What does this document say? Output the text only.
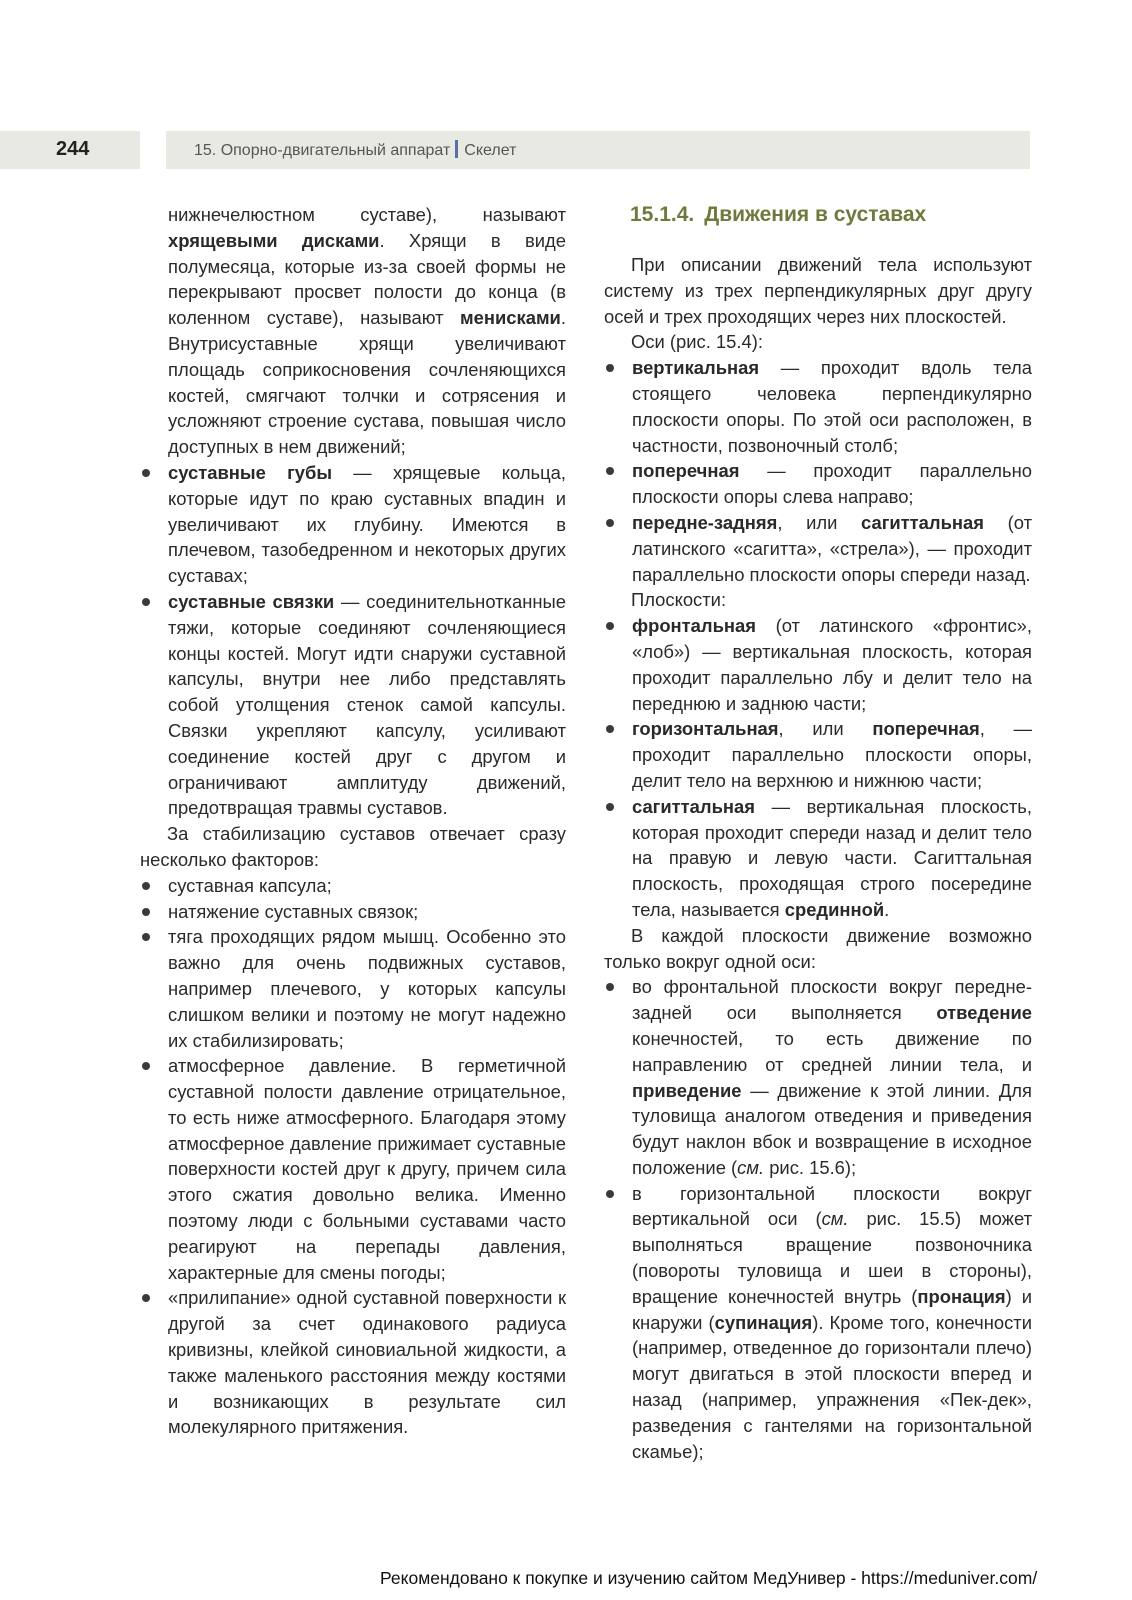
244	15. Опорно-двигательный аппарат Скелет

нижнечелюстном суставе), называют хрящевыми дисками. Хрящи в виде полумесяца, которые из-за своей формы не перекрывают просвет полости до конца (в коленном суставе), называют менисками. Внутрисуставные хрящи увеличивают площадь соприкосновения сочленяющихся костей, смягчают толчки и сотрясения и усложняют строение сустава, повышая число доступных в нем движений;

суставные губы — хрящевые кольца, которые идут по краю суставных впадин и увеличивают их глубину. Имеются в плечевом, тазобедренном и некоторых других суставах;
суставные связки — соединительнотканные тяжи, которые соединяют сочленяющиеся концы костей. Могут идти снаружи суставной капсулы, внутри нее либо представлять собой утолщения стенок самой капсулы. Связки укрепляют капсулу, усиливают соединение костей друг с другом и ограничивают амплитуду движений, предотвращая травмы суставов.

За стабилизацию суставов отвечает сразу несколько факторов:

суставная капсула;
натяжение суставных связок;
тяга проходящих рядом мышц. Особенно это важно для очень подвижных суставов, например плечевого, у которых капсулы слишком велики и поэтому не могут надежно их стабилизировать;
атмосферное давление. В герметичной суставной полости давление отрицательное, то есть ниже атмосферного. Благодаря этому атмосферное давление прижимает суставные поверхности костей друг к другу, причем сила этого сжатия довольно велика. Именно поэтому люди с больными суставами часто реагируют на перепады давления, характерные для смены погоды;
«прилипание» одной суставной поверхности к другой за счет одинакового радиуса кривизны, клейкой синовиальной жидкости, а также маленького расстояния между костями и возникающих в результате сил молекулярного притяжения.
15.1.4. Движения в суставах

При описании движений тела используют систему из трех перпендикулярных друг другу осей и трех проходящих через них плоскостей.

Оси (рис. 15.4):

вертикальная — проходит вдоль тела стоящего человека перпендикулярно плоскости опоры. По этой оси расположен, в частности, позвоночный столб;
поперечная — проходит параллельно плоскости опоры слева направо;
передне-задняя, или сагиттальная (от латинского «сагитта», «стрела»), — проходит параллельно плоскости опоры спереди назад.

Плоскости:

фронтальная (от латинского «фронтис», «лоб») — вертикальная плоскость, которая проходит параллельно лбу и делит тело на переднюю и заднюю части;
горизонтальная, или поперечная, — проходит параллельно плоскости опоры, делит тело на верхнюю и нижнюю части;
сагиттальная — вертикальная плоскость, которая проходит спереди назад и делит тело на правую и левую части. Сагиттальная плоскость, проходящая строго посередине тела, называется срединной.

В каждой плоскости движение возможно только вокруг одной оси:

во фронтальной плоскости вокруг передне-задней оси выполняется отведение конечностей, то есть движение по направлению от средней линии тела, и приведение — движение к этой линии. Для туловища аналогом отведения и приведения будут наклон вбок и возвращение в исходное положение (см. рис. 15.6);
в горизонтальной плоскости вокруг вертикальной оси (см. рис. 15.5) может выполняться вращение позвоночника (повороты туловища и шеи в стороны), вращение конечностей внутрь (пронация) и кнаружи (супинация). Кроме того, конечности (например, отведенное до горизонтали плечо) могут двигаться в этой плоскости вперед и назад (например, упражнения «Пек-дек», разведения с гантелями на горизонтальной скамье);
Рекомендовано к покупке и изучению сайтом МедУнивер - https://meduniver.com/
